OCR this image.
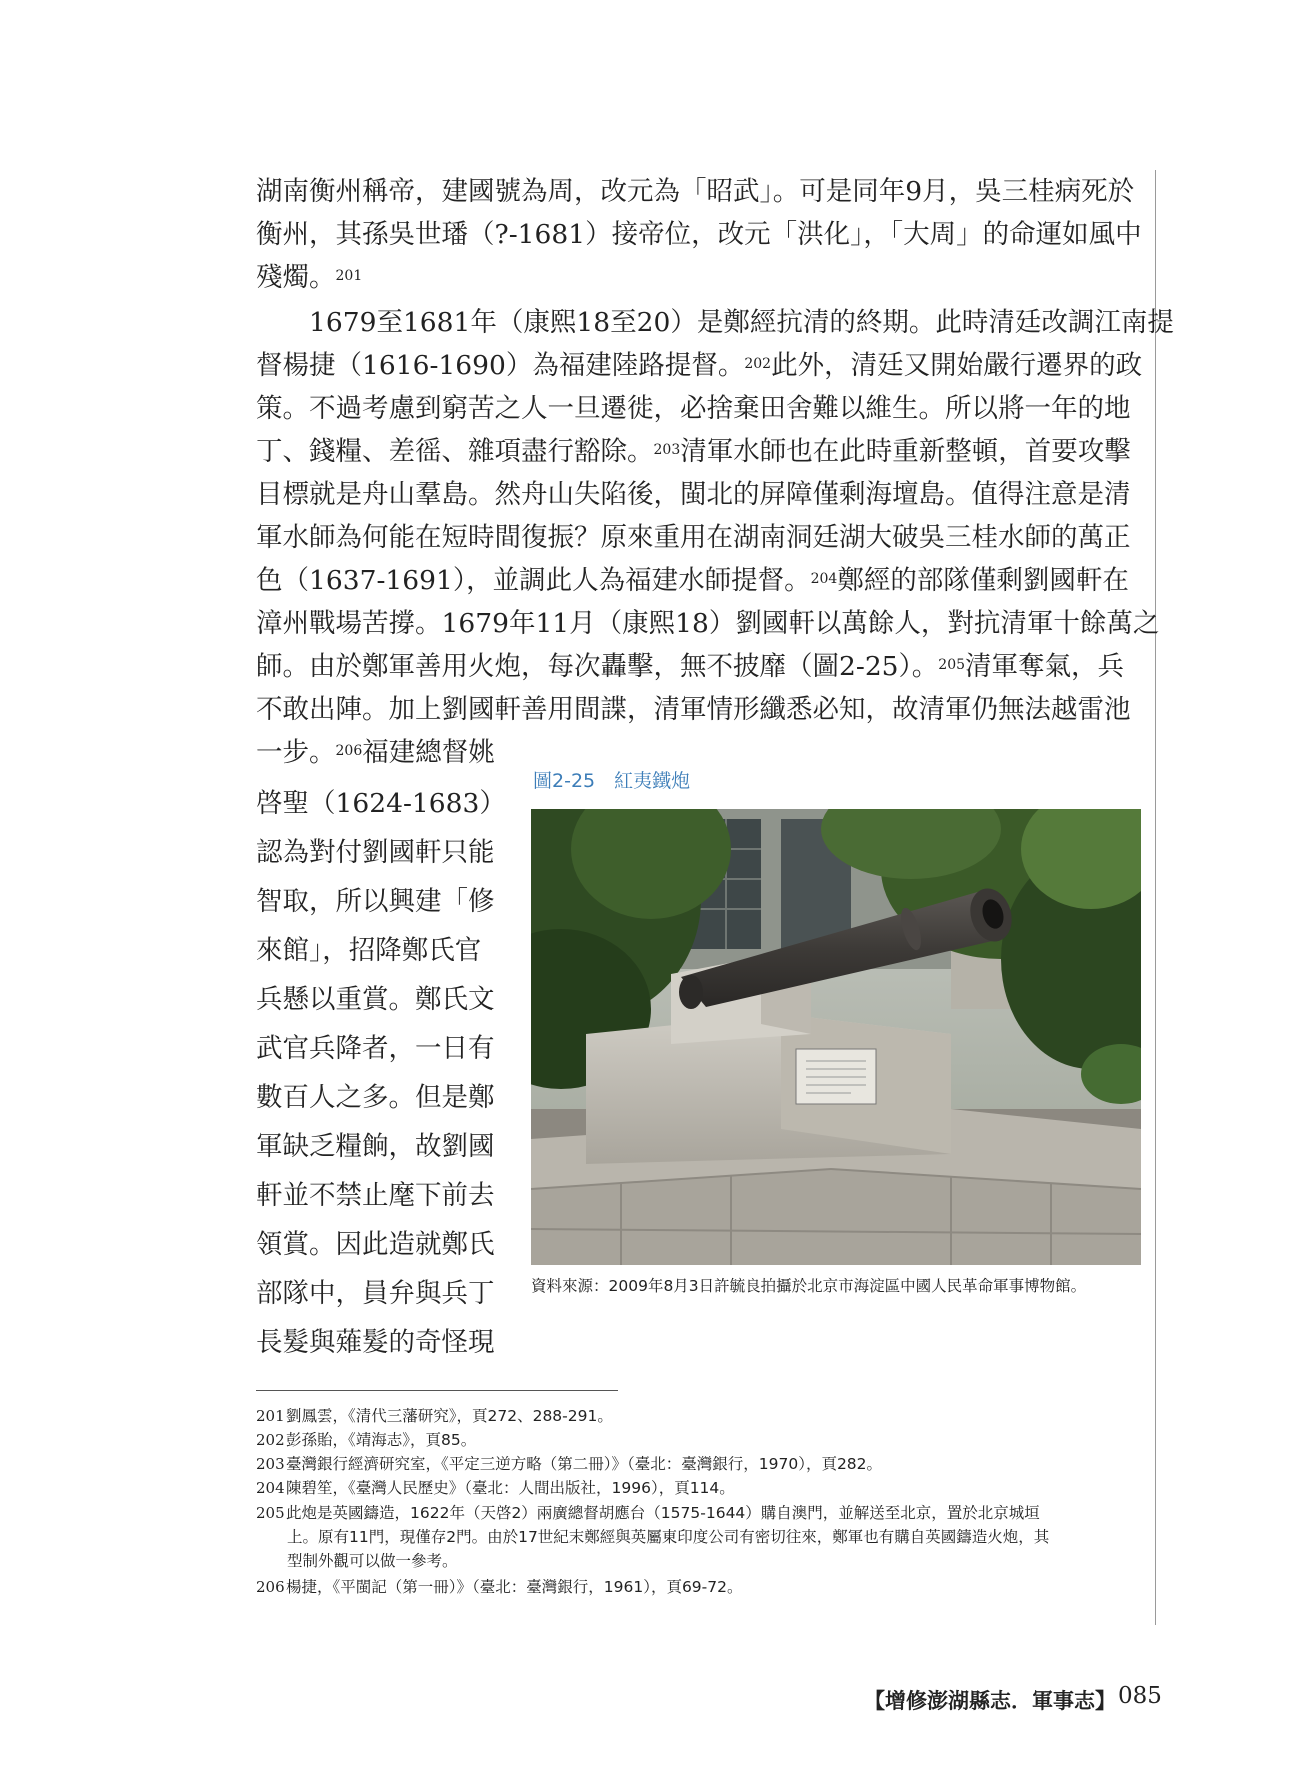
湖南衡州稱帝，建國號為周，改元為「昭武」。可是同年9月，吳三桂病死於
衡州，其孫吳世璠（?-1681）接帝位，改元「洪化」，「大周」的命運如風中
殘燭。$^{201}$
　　1679至1681年（康熙18至20）是鄭經抗清的終期。此時清廷改調江南提
督楊捷（1616-1690）為福建陸路提督。$^{202}$此外，清廷又開始嚴行遷界的政
策。不過考慮到窮苦之人一旦遷徙，必捨棄田舍難以維生。所以將一年的地
丁、錢糧、差徭、雜項盡行豁除。$^{203}$清軍水師也在此時重新整頓，首要攻擊
目標就是舟山羣島。然舟山失陷後，閩北的屏障僅剩海壇島。值得注意是清
軍水師為何能在短時間復振？原來重用在湖南洞廷湖大破吳三桂水師的萬正
色（1637-1691），並調此人為福建水師提督。$^{204}$鄭經的部隊僅剩劉國軒在
漳州戰場苦撐。1679年11月（康熙18）劉國軒以萬餘人，對抗清軍十餘萬之
師。由於鄭軍善用火炮，每次轟擊，無不披靡（圖2-25）。$^{205}$清軍奪氣，兵
不敢出陣。加上劉國軒善用間諜，清軍情形纖悉必知，故清軍仍無法越雷池
一步。$^{206}$福建總督姚
啓聖（1624-1683）
認為對付劉國軒只能
智取，所以興建「修
來館」，招降鄭氏官
兵懸以重賞。鄭氏文
武官兵降者，一日有
數百人之多。但是鄭
軍缺乏糧餉，故劉國
軒並不禁止麾下前去
領賞。因此造就鄭氏
部隊中，員弁與兵丁
長髮與薙髮的奇怪現
圖2-25　紅夷鐵炮
資料來源：2009年8月3日許毓良拍攝於北京市海淀區中國人民革命軍事博物館。
201劉鳳雲，《清代三藩研究》，頁272、288-291。
202彭孫貽，《靖海志》，頁85。
203臺灣銀行經濟研究室，《平定三逆方略（第二冊）》（臺北：臺灣銀行，1970），頁282。
204陳碧笙，《臺灣人民歷史》（臺北：人間出版社，1996），頁114。
205此炮是英國鑄造，1622年（天啓2）兩廣總督胡應台（1575-1644）購自澳門，並解送至北京，置於北京城垣
上。原有11門，現僅存2門。由於17世紀末鄭經與英屬東印度公司有密切往來，鄭軍也有購自英國鑄造火炮，其
型制外觀可以做一參考。
206楊捷，《平閩記（第一冊）》（臺北：臺灣銀行，1961），頁69-72。
【增修澎湖縣志．軍事志】 085
